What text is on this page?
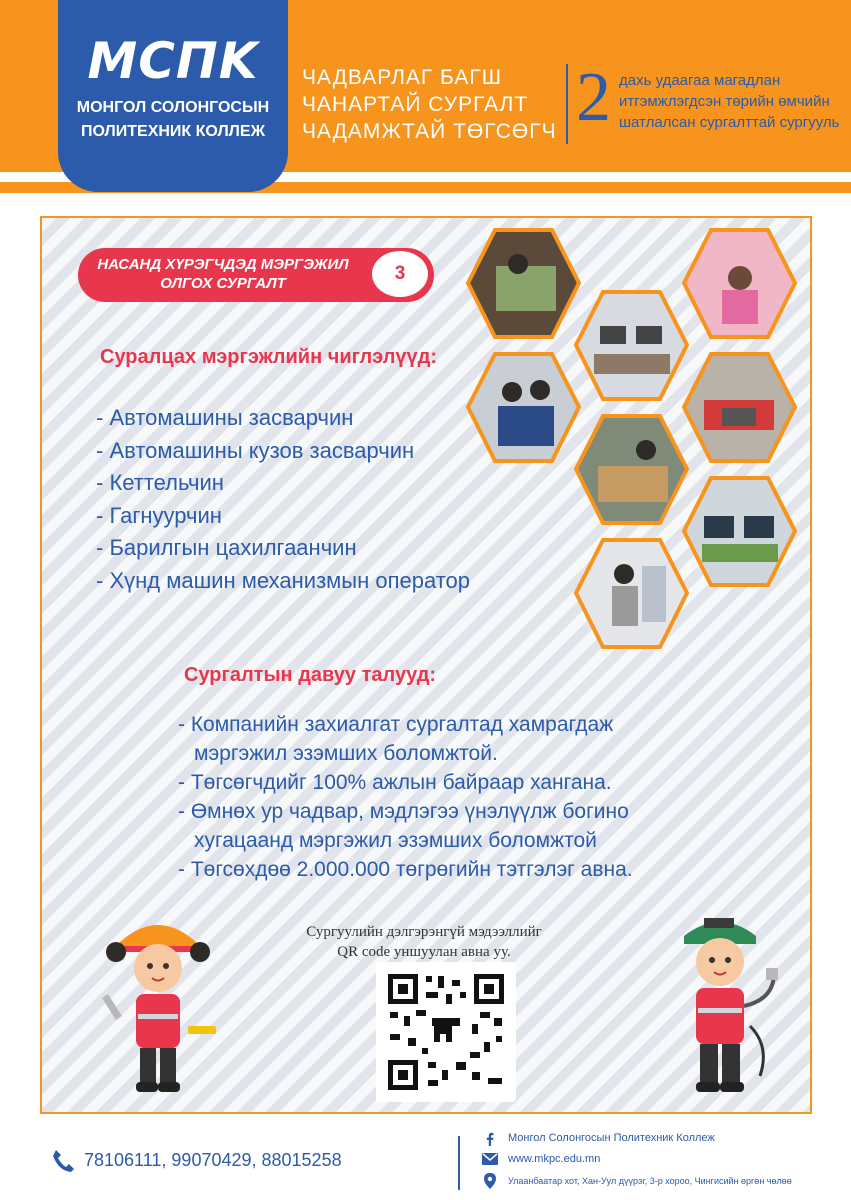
MCПK
МОНГОЛ СОЛОНГОСЫН
ПОЛИТЕХНИК КОЛЛЕЖ
ЧАДВАРЛАГ БАГШ
ЧАНАРТАЙ СУРГАЛТ
ЧАДАМЖТАЙ ТӨГСӨГЧ 2 дахь удаагаа магадлан
итгэмжлэгдсэн төрийн өмчийн
шатлалсан сургалттай сургууль
НАСАНД ХҮРЭГЧДЭД МЭРГЭЖИЛ
ОЛГОХ СУРГАЛТ	3
Суралцах мэргэжлийн чиглэлүүд:
- Автомашины засварчин
- Автомашины кузов засварчин
- Кеттельчин
- Гагнуурчин
- Барилгын цахилгаанчин
- Хүнд машин механизмын оператор
Сургалтын давуу талууд:
- Компанийн захиалгат сургалтад хамрагдаж
мэргэжил эзэмших боломжтой.
- Төгсөгчдийг 100% ажлын байраар хангана.
- Өмнөх ур чадвар, мэдлэгээ үнэлүүлж богино
хугацаанд мэргэжил эзэмших боломжтой
- Төгсөхдөө 2.000.000 төгрөгийн тэтгэлэг авна.
Сургуулийн дэлгэрэнгүй мэдээллийг
QR code уншуулан авна уу.
78106111, 99070429, 88015258
Монгол Солонгосын Политехник Коллеж
www.mkpc.edu.mn
Улаанбаатар хот, Хан-Уул дүүрэг, 3-р хороо, Чингисийн өргөн чөлөө
